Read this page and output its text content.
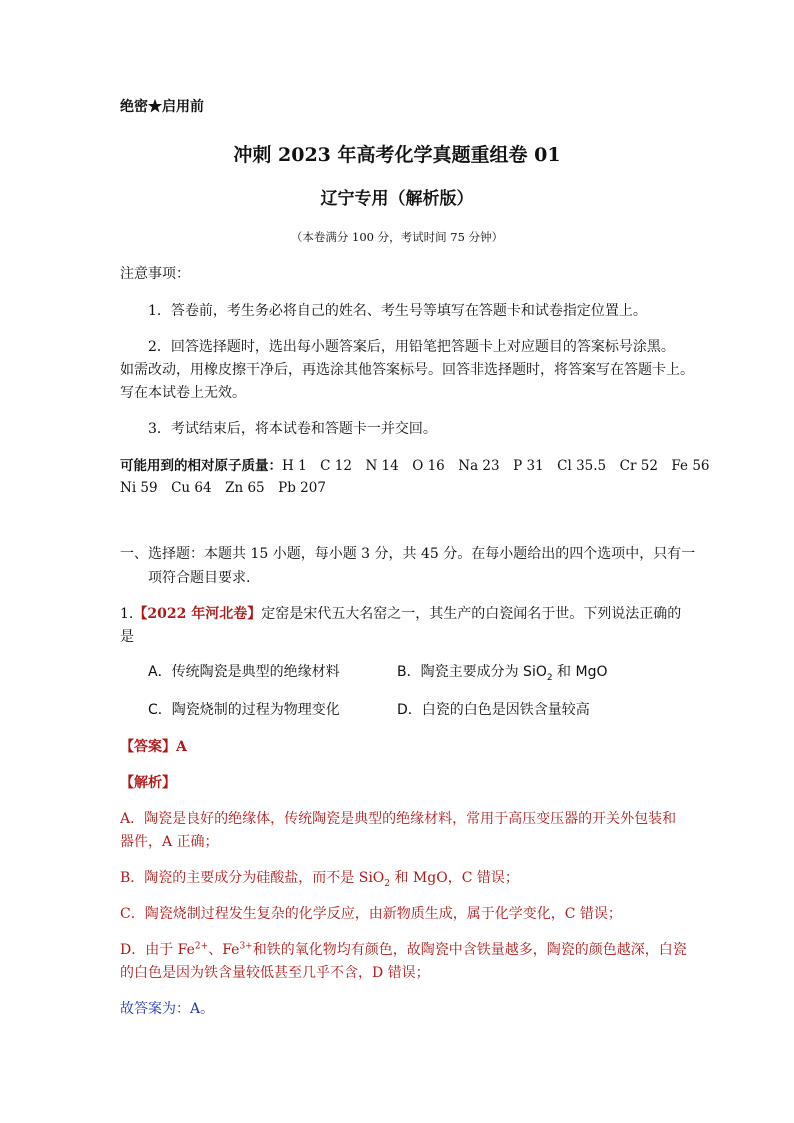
绝密★启用前
冲刺 2023 年高考化学真题重组卷 01
辽宁专用（解析版）
（本卷满分 100 分，考试时间 75 分钟）
注意事项：
1．答卷前，考生务必将自己的姓名、考生号等填写在答题卡和试卷指定位置上。
2．回答选择题时，选出每小题答案后，用铅笔把答题卡上对应题目的答案标号涂黑。
如需改动，用橡皮擦干净后，再选涂其他答案标号。回答非选择题时，将答案写在答题卡上。
写在本试卷上无效。
3．考试结束后，将本试卷和答题卡一并交回。
可能用到的相对原子质量：H 1　C 12　N 14　O 16　Na 23　P 31　Cl 35.5　Cr 52　Fe 56
Ni 59　Cu 64　Zn 65　Pb 207
一、选择题：本题共 15 小题，每小题 3 分，共 45 分。在每小题给出的四个选项中，只有一
项符合题目要求.
1.【2022 年河北卷】定窑是宋代五大名窑之一，其生产的白瓷闻名于世。下列说法正确的
是
A．传统陶瓷是典型的绝缘材料	B．陶瓷主要成分为 SiO$_2$ 和 MgO
C．陶瓷烧制的过程为物理变化	D．白瓷的白色是因铁含量较高
【答案】A
【解析】
A．陶瓷是良好的绝缘体，传统陶瓷是典型的绝缘材料，常用于高压变压器的开关外包装和
器件，A 正确；
B．陶瓷的主要成分为硅酸盐，而不是 SiO$_2$ 和 MgO，C 错误；
C．陶瓷烧制过程发生复杂的化学反应，由新物质生成，属于化学变化，C 错误；
D．由于 $Fe^{2+}$、$Fe^{3+}$和铁的氧化物均有颜色，故陶瓷中含铁量越多，陶瓷的颜色越深，白瓷
的白色是因为铁含量较低甚至几乎不含，D 错误；
故答案为：A。
